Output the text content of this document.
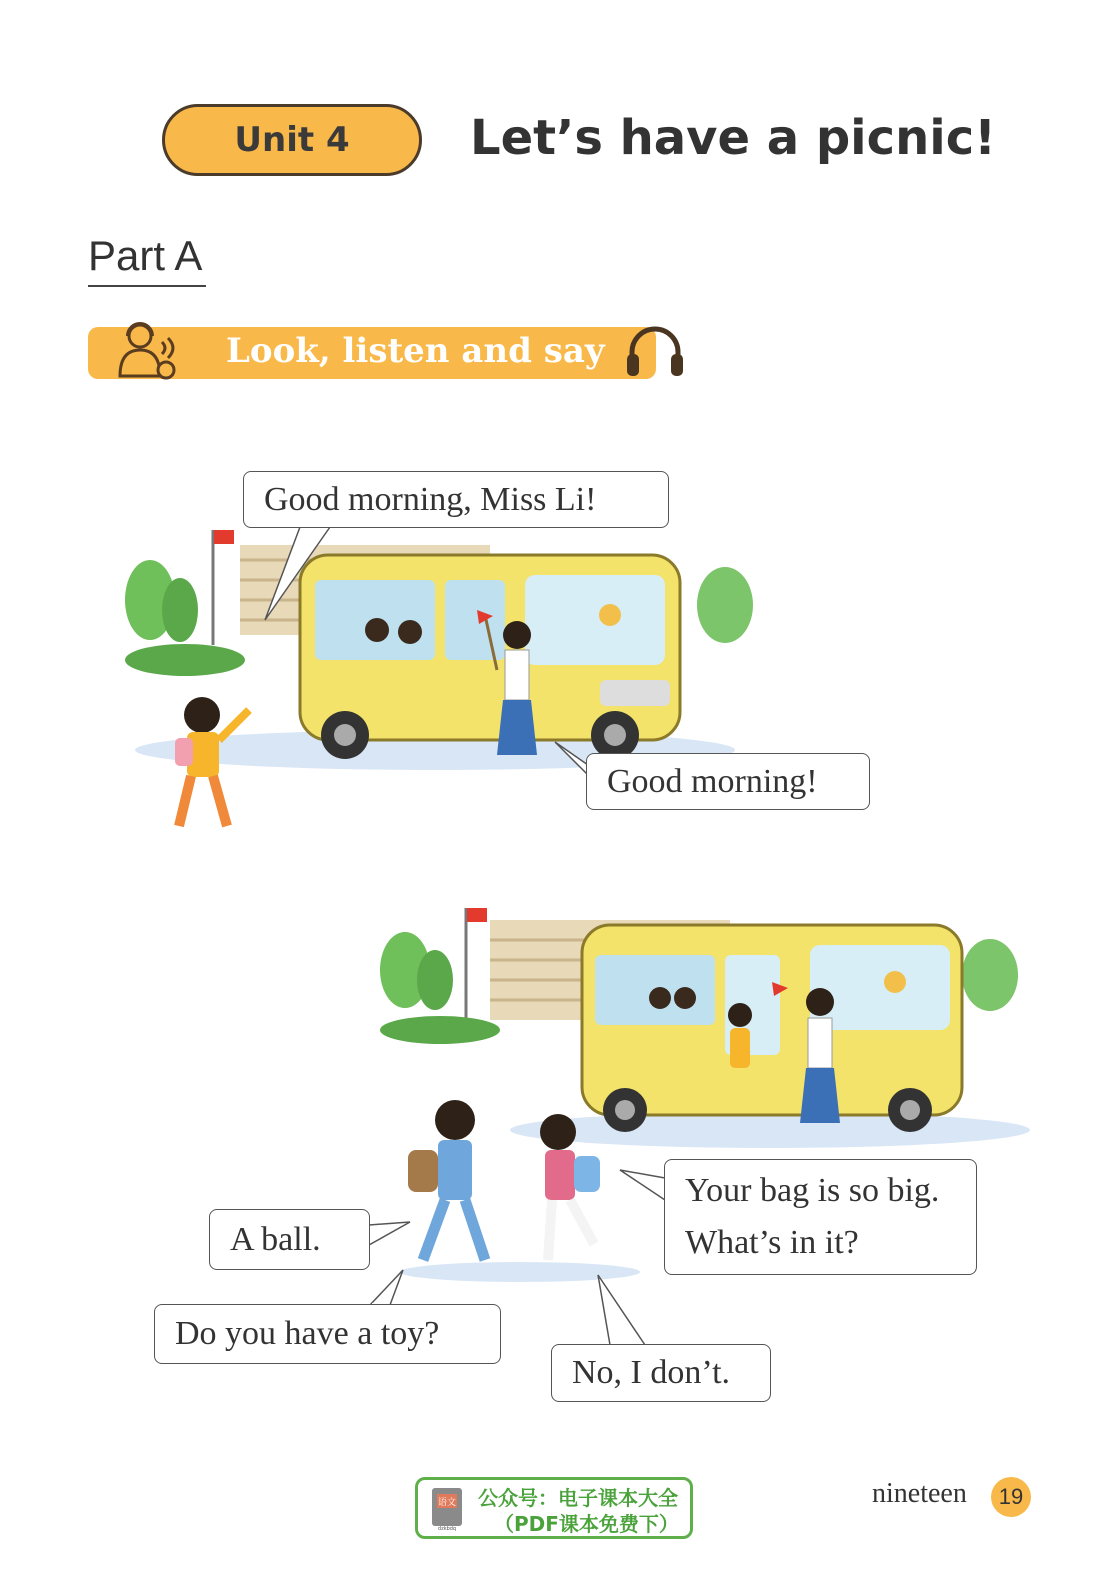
Unit 4	Let’s have a picnic!
Part A
Look, listen and say
Good morning, Miss Li!
Good morning!
A ball.
Your bag is so big.
What’s in it?
Do you have a toy?
No, I don’t.
语文
dzkbdq
公众号：电子课本大全
（PDF课本免费下）
nineteen 19
